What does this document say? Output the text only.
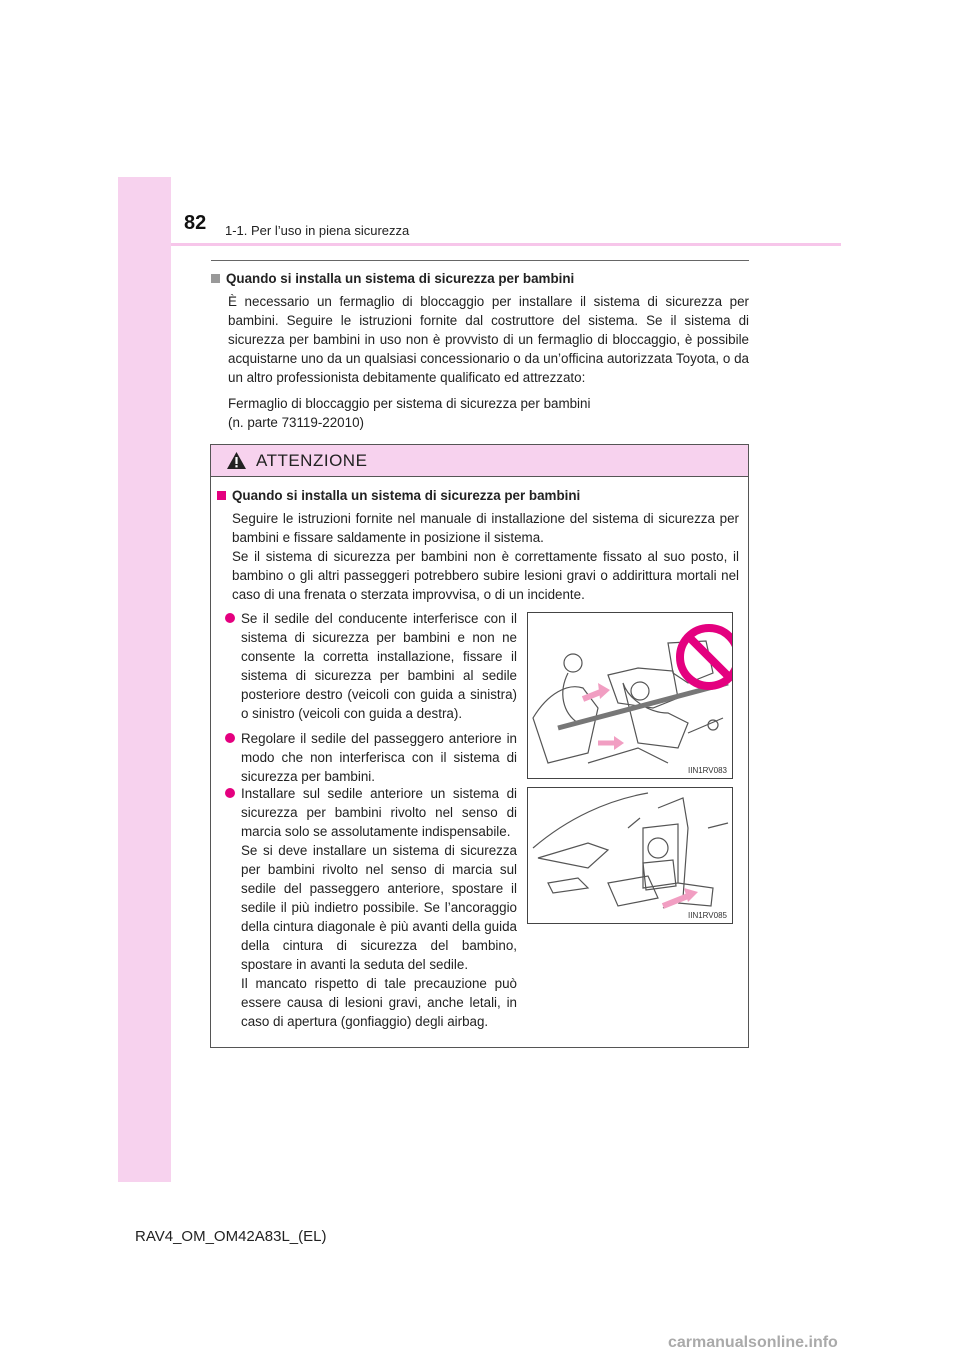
82 1-1. Per l’uso in piena sicurezza
Quando si installa un sistema di sicurezza per bambini
È necessario un fermaglio di bloccaggio per installare il sistema di sicurezza per bambini. Seguire le istruzioni fornite dal costruttore del sistema. Se il sistema di sicurezza per bambini in uso non è provvisto di un fermaglio di bloccaggio, è possibile acquistarne uno da un qualsiasi concessionario o da un’officina autorizzata Toyota, o da un altro professionista debitamente qualificato ed attrezzato:
Fermaglio di bloccaggio per sistema di sicurezza per bambini
(n. parte 73119-22010)
ATTENZIONE
Quando si installa un sistema di sicurezza per bambini
Seguire le istruzioni fornite nel manuale di installazione del sistema di sicurezza per bambini e fissare saldamente in posizione il sistema.
Se il sistema di sicurezza per bambini non è correttamente fissato al suo posto, il bambino o gli altri passeggeri potrebbero subire lesioni gravi o addirittura mortali nel caso di una frenata o sterzata improvvisa, o di un incidente.
Se il sedile del conducente interferisce con il sistema di sicurezza per bambini e non ne consente la corretta installazione, fissare il sistema di sicurezza per bambini al sedile posteriore destro (veicoli con guida a sinistra) o sinistro (veicoli con guida a destra).
Regolare il sedile del passeggero anteriore in modo che non interferisca con il sistema di sicurezza per bambini.
Installare sul sedile anteriore un sistema di sicurezza per bambini rivolto nel senso di marcia solo se assolutamente indispensabile.
Se si deve installare un sistema di sicurezza per bambini rivolto nel senso di marcia sul sedile del passeggero anteriore, spostare il sedile il più indietro possibile. Se l’ancoraggio della cintura diagonale è più avanti della guida della cintura di sicurezza del bambino, spostare in avanti la seduta del sedile.
Il mancato rispetto di tale precauzione può essere causa di lesioni gravi, anche letali, in caso di apertura (gonfiaggio) degli airbag.
IIN1RV083
IIN1RV085
RAV4_OM_OM42A83L_(EL)
carmanualsonline.info
